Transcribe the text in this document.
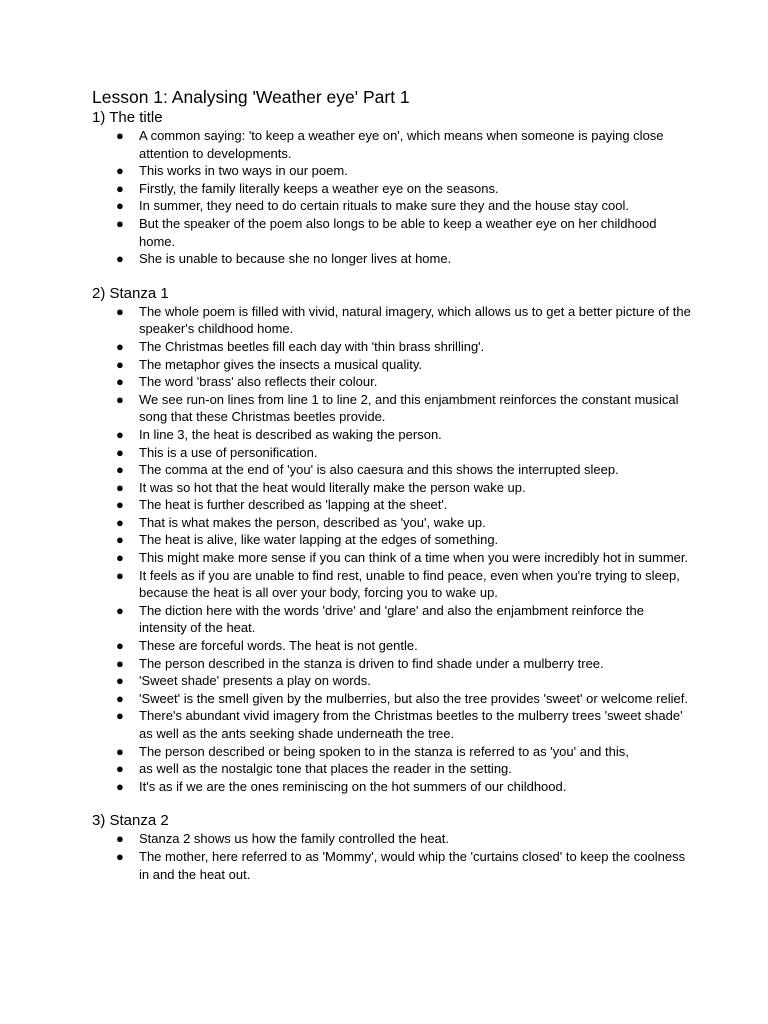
Lesson 1: Analysing 'Weather eye' Part 1
1) The title
● A common saying: 'to keep a weather eye on', which means when someone is paying close attention to developments.
● This works in two ways in our poem.
● Firstly, the family literally keeps a weather eye on the seasons.
● In summer, they need to do certain rituals to make sure they and the house stay cool.
● But the speaker of the poem also longs to be able to keep a weather eye on her childhood home.
● She is unable to because she no longer lives at home.
2) Stanza 1
● The whole poem is filled with vivid, natural imagery, which allows us to get a better picture of the speaker's childhood home.
● The Christmas beetles fill each day with 'thin brass shrilling'.
● The metaphor gives the insects a musical quality.
● The word 'brass' also reflects their colour.
● We see run-on lines from line 1 to line 2, and this enjambment reinforces the constant musical song that these Christmas beetles provide.
● In line 3, the heat is described as waking the person.
● This is a use of personification.
● The comma at the end of 'you' is also caesura and this shows the interrupted sleep.
● It was so hot that the heat would literally make the person wake up.
● The heat is further described as 'lapping at the sheet'.
● That is what makes the person, described as 'you', wake up.
● The heat is alive, like water lapping at the edges of something.
● This might make more sense if you can think of a time when you were incredibly hot in summer.
● It feels as if you are unable to find rest, unable to find peace, even when you're trying to sleep, because the heat is all over your body, forcing you to wake up.
● The diction here with the words 'drive' and 'glare' and also the enjambment reinforce the intensity of the heat.
● These are forceful words. The heat is not gentle.
● The person described in the stanza is driven to find shade under a mulberry tree.
● 'Sweet shade' presents a play on words.
● 'Sweet' is the smell given by the mulberries, but also the tree provides 'sweet' or welcome relief.
● There's abundant vivid imagery from the Christmas beetles to the mulberry trees 'sweet shade' as well as the ants seeking shade underneath the tree.
● The person described or being spoken to in the stanza is referred to as 'you' and this,
● as well as the nostalgic tone that places the reader in the setting.
● It's as if we are the ones reminiscing on the hot summers of our childhood.
3) Stanza 2
● Stanza 2 shows us how the family controlled the heat.
● The mother, here referred to as 'Mommy', would whip the 'curtains closed' to keep the coolness in and the heat out.
